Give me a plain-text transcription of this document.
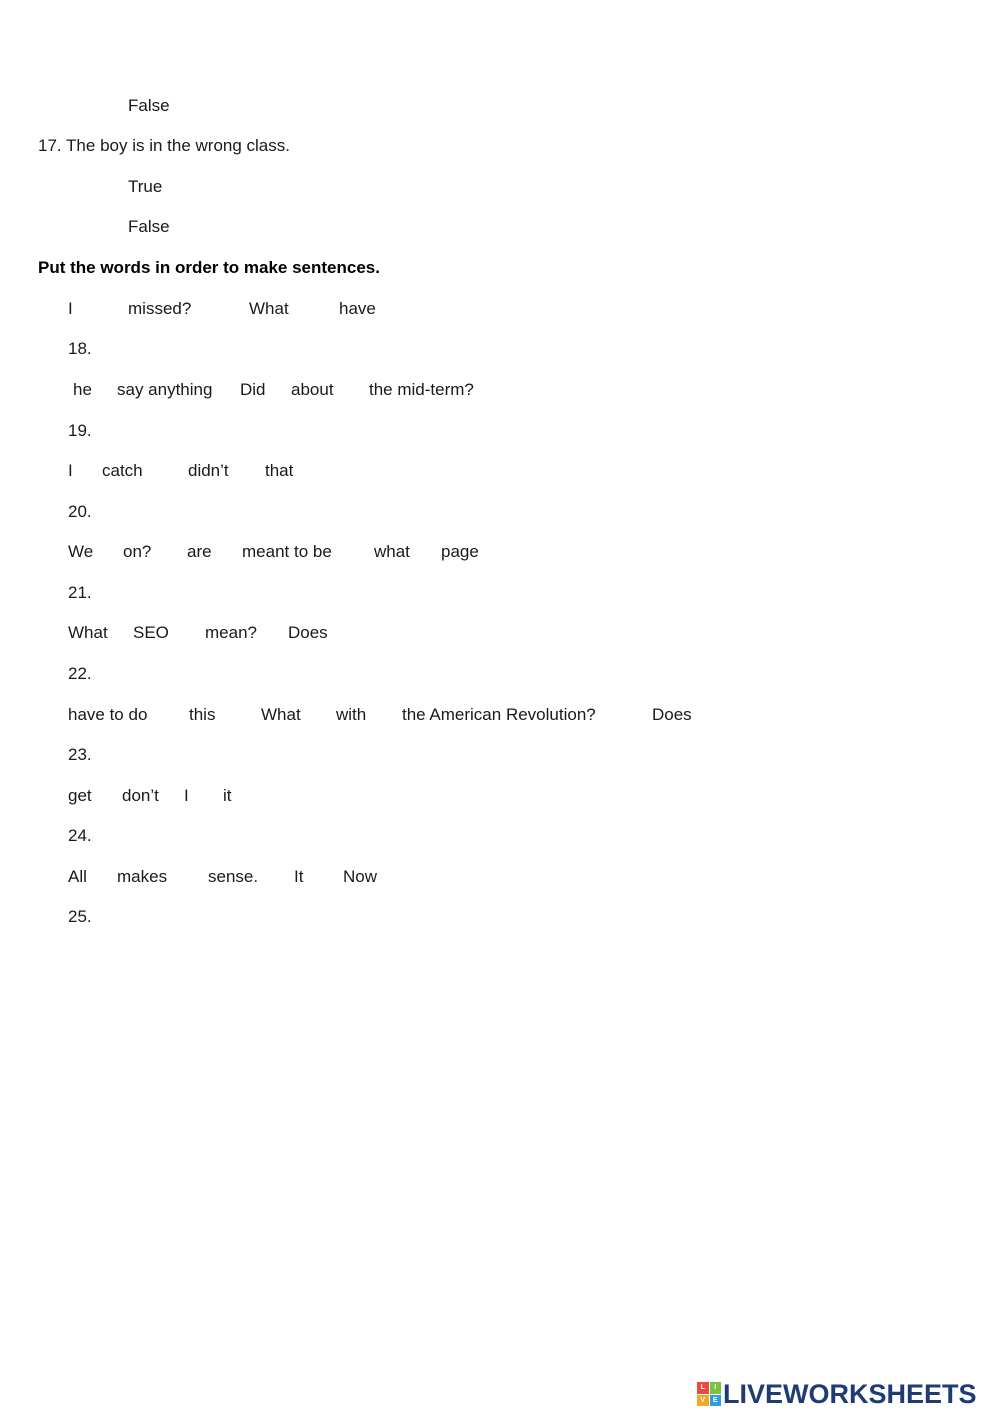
False
17. The boy is in the wrong class.
True
False
Put the words in order to make sentences.
I	missed?	What	have
18.
he say anything Did about the mid-term?
19.
I catch	didn’t that
20.
We on? are meant to be what page
21.
What SEO mean? Does
22.
have to do this	What with the American Revolution?	Does
23.
get don’t I it
24.
All makes sense. It Now
25.
L	I
V	E LIVEWORKSHEETS
